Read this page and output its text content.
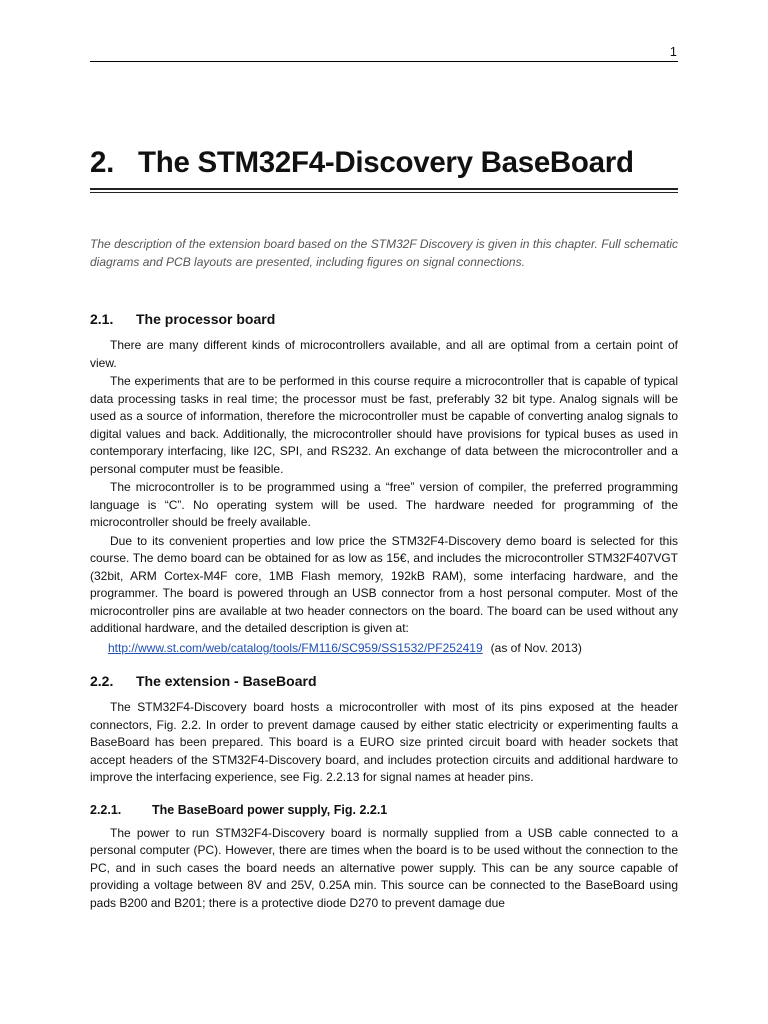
1
2. The STM32F4-Discovery BaseBoard

The description of the extension board based on the STM32F Discovery is given in this chapter. Full schematic diagrams and PCB layouts are presented, including figures on signal connections.

2.1. The processor board

There are many different kinds of microcontrollers available, and all are optimal from a certain point of view.

The experiments that are to be performed in this course require a microcontroller that is capable of typical data processing tasks in real time; the processor must be fast, preferably 32 bit type. Analog signals will be used as a source of information, therefore the microcontroller must be capable of converting analog signals to digital values and back. Additionally, the microcontroller should have provisions for typical buses as used in contemporary interfacing, like I2C, SPI, and RS232. An exchange of data between the microcontroller and a personal computer must be feasible.

The microcontroller is to be programmed using a “free” version of compiler, the preferred programming language is “C”. No operating system will be used. The hardware needed for programming of the microcontroller should be freely available.

Due to its convenient properties and low price the STM32F4-Discovery demo board is selected for this course. The demo board can be obtained for as low as 15€, and includes the microcontroller STM32F407VGT (32bit, ARM Cortex-M4F core, 1MB Flash memory, 192kB RAM), some interfacing hardware, and the programmer. The board is powered through an USB connector from a host personal computer. Most of the microcontroller pins are available at two header connectors on the board. The board can be used without any additional hardware, and the detailed description is given at:

http://www.st.com/web/catalog/tools/FM116/SC959/SS1532/PF252419 (as of Nov. 2013)
2.2. The extension - BaseBoard

The STM32F4-Discovery board hosts a microcontroller with most of its pins exposed at the header connectors, Fig. 2.2. In order to prevent damage caused by either static electricity or experimenting faults a BaseBoard has been prepared. This board is a EURO size printed circuit board with header sockets that accept headers of the STM32F4-Discovery board, and includes protection circuits and additional hardware to improve the interfacing experience, see Fig. 2.2.13 for signal names at header pins.

2.2.1. The BaseBoard power supply, Fig. 2.2.1

The power to run STM32F4-Discovery board is normally supplied from a USB cable connected to a personal computer (PC). However, there are times when the board is to be used without the connection to the PC, and in such cases the board needs an alternative power supply. This can be any source capable of providing a voltage between 8V and 25V, 0.25A min. This source can be connected to the BaseBoard using pads B200 and B201; there is a protective diode D270 to prevent damage due
